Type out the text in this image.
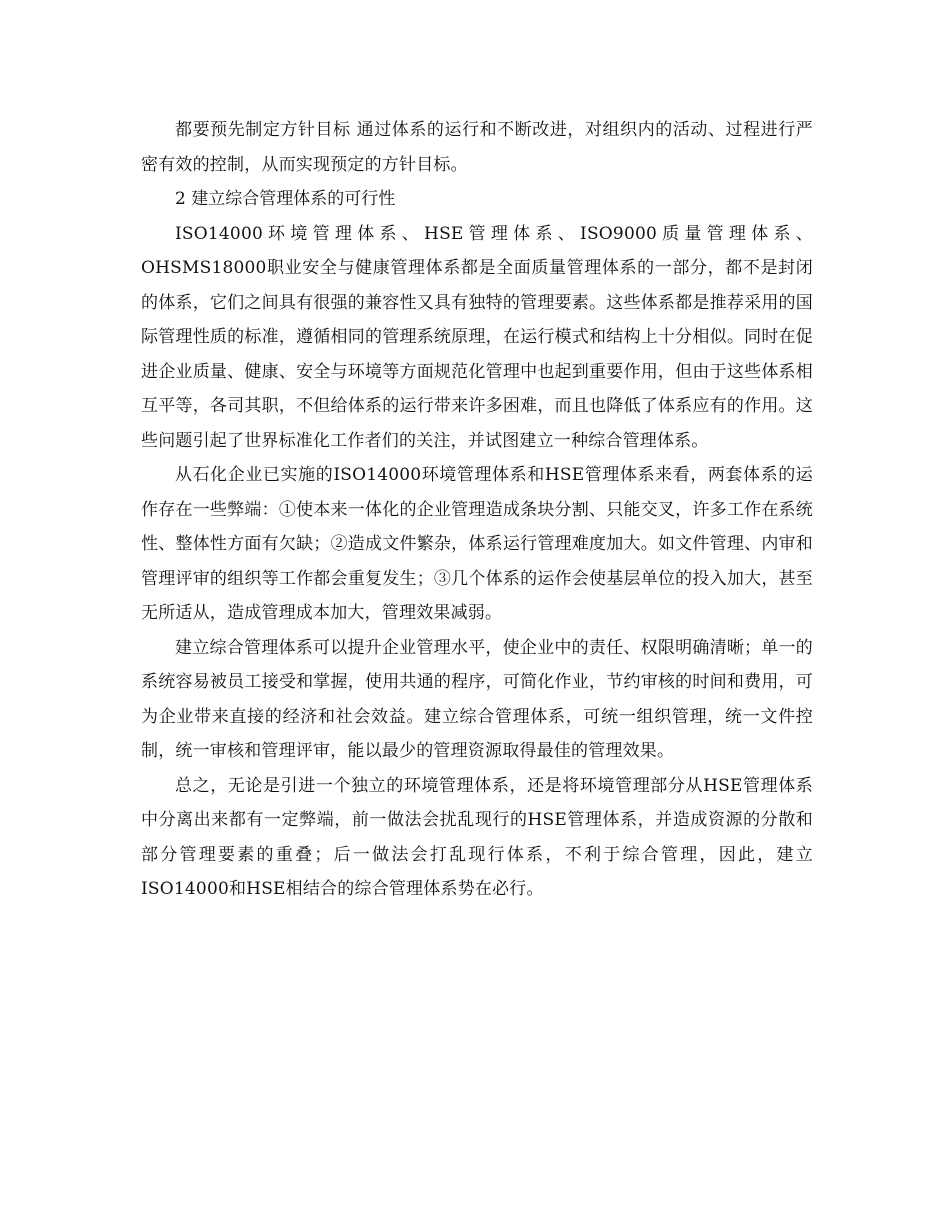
都要预先制定方针目标 通过体系的运行和不断改进，对组织内的活动、过程进行严密有效的控制，从而实现预定的方针目标。

2 建立综合管理体系的可行性

ISO14000环境管理体系、HSE管理体系、ISO9000质量管理体系、OHSMS18000职业安全与健康管理体系都是全面质量管理体系的一部分，都不是封闭的体系，它们之间具有很强的兼容性又具有独特的管理要素。这些体系都是推荐采用的国际管理性质的标准，遵循相同的管理系统原理，在运行模式和结构上十分相似。同时在促进企业质量、健康、安全与环境等方面规范化管理中也起到重要作用，但由于这些体系相互平等，各司其职，不但给体系的运行带来许多困难，而且也降低了体系应有的作用。这些问题引起了世界标准化工作者们的关注，并试图建立一种综合管理体系。

从石化企业已实施的ISO14000环境管理体系和HSE管理体系来看，两套体系的运作存在一些弊端：①使本来一体化的企业管理造成条块分割、只能交叉，许多工作在系统性、整体性方面有欠缺；②造成文件繁杂，体系运行管理难度加大。如文件管理、内审和管理评审的组织等工作都会重复发生；③几个体系的运作会使基层单位的投入加大，甚至无所适从，造成管理成本加大，管理效果减弱。

建立综合管理体系可以提升企业管理水平，使企业中的责任、权限明确清晰；单一的系统容易被员工接受和掌握，使用共通的程序，可简化作业，节约审核的时间和费用，可为企业带来直接的经济和社会效益。建立综合管理体系，可统一组织管理，统一文件控制，统一审核和管理评审，能以最少的管理资源取得最佳的管理效果。

总之，无论是引进一个独立的环境管理体系，还是将环境管理部分从HSE管理体系中分离出来都有一定弊端，前一做法会扰乱现行的HSE管理体系，并造成资源的分散和部分管理要素的重叠；后一做法会打乱现行体系，不利于综合管理，因此，建立ISO14000和HSE相结合的综合管理体系势在必行。
